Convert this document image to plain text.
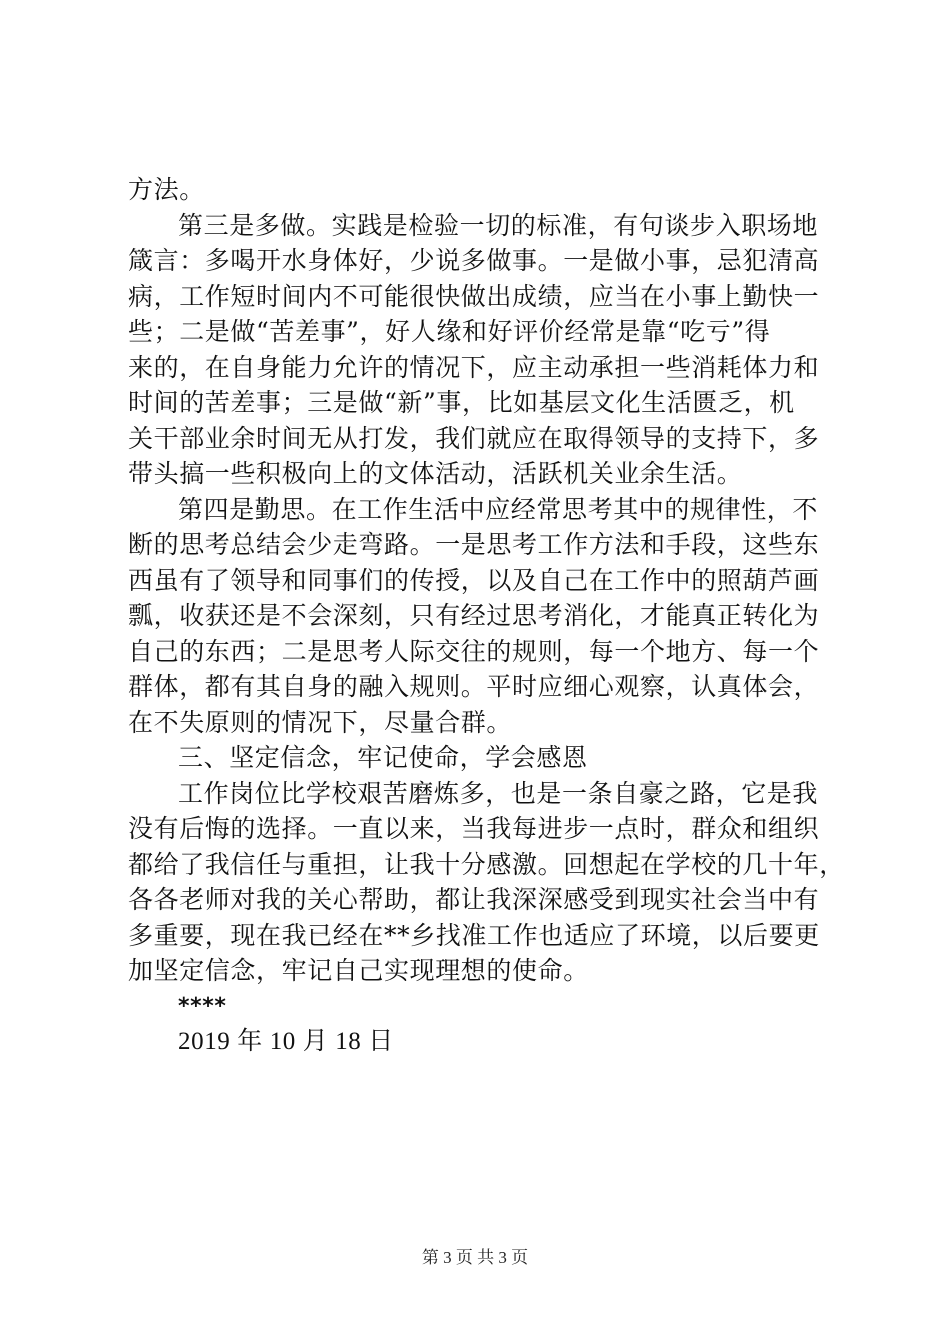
方法。
第三是多做。实践是检验一切的标准，有句谈步入职场地
箴言：多喝开水身体好，少说多做事。一是做小事，忌犯清高
病，工作短时间内不可能很快做出成绩，应当在小事上勤快一
些；二是做“苦差事”，好人缘和好评价经常是靠“吃亏”得
来的，在自身能力允许的情况下，应主动承担一些消耗体力和
时间的苦差事；三是做“新”事，比如基层文化生活匮乏，机
关干部业余时间无从打发，我们就应在取得领导的支持下，多
带头搞一些积极向上的文体活动，活跃机关业余生活。
第四是勤思。在工作生活中应经常思考其中的规律性，不
断的思考总结会少走弯路。一是思考工作方法和手段，这些东
西虽有了领导和同事们的传授，以及自己在工作中的照葫芦画
瓢，收获还是不会深刻，只有经过思考消化，才能真正转化为
自己的东西；二是思考人际交往的规则，每一个地方、每一个
群体，都有其自身的融入规则。平时应细心观察，认真体会，
在不失原则的情况下，尽量合群。
三、坚定信念，牢记使命，学会感恩
工作岗位比学校艰苦磨炼多，也是一条自豪之路，它是我
没有后悔的选择。一直以来，当我每进步一点时，群众和组织
都给了我信任与重担，让我十分感激。回想起在学校的几十年，
各各老师对我的关心帮助，都让我深深感受到现实社会当中有
多重要，现在我已经在**乡找准工作也适应了环境，以后要更
加坚定信念，牢记自己实现理想的使命。
****
2019 年 10 月 18 日
第 3 页 共 3 页
